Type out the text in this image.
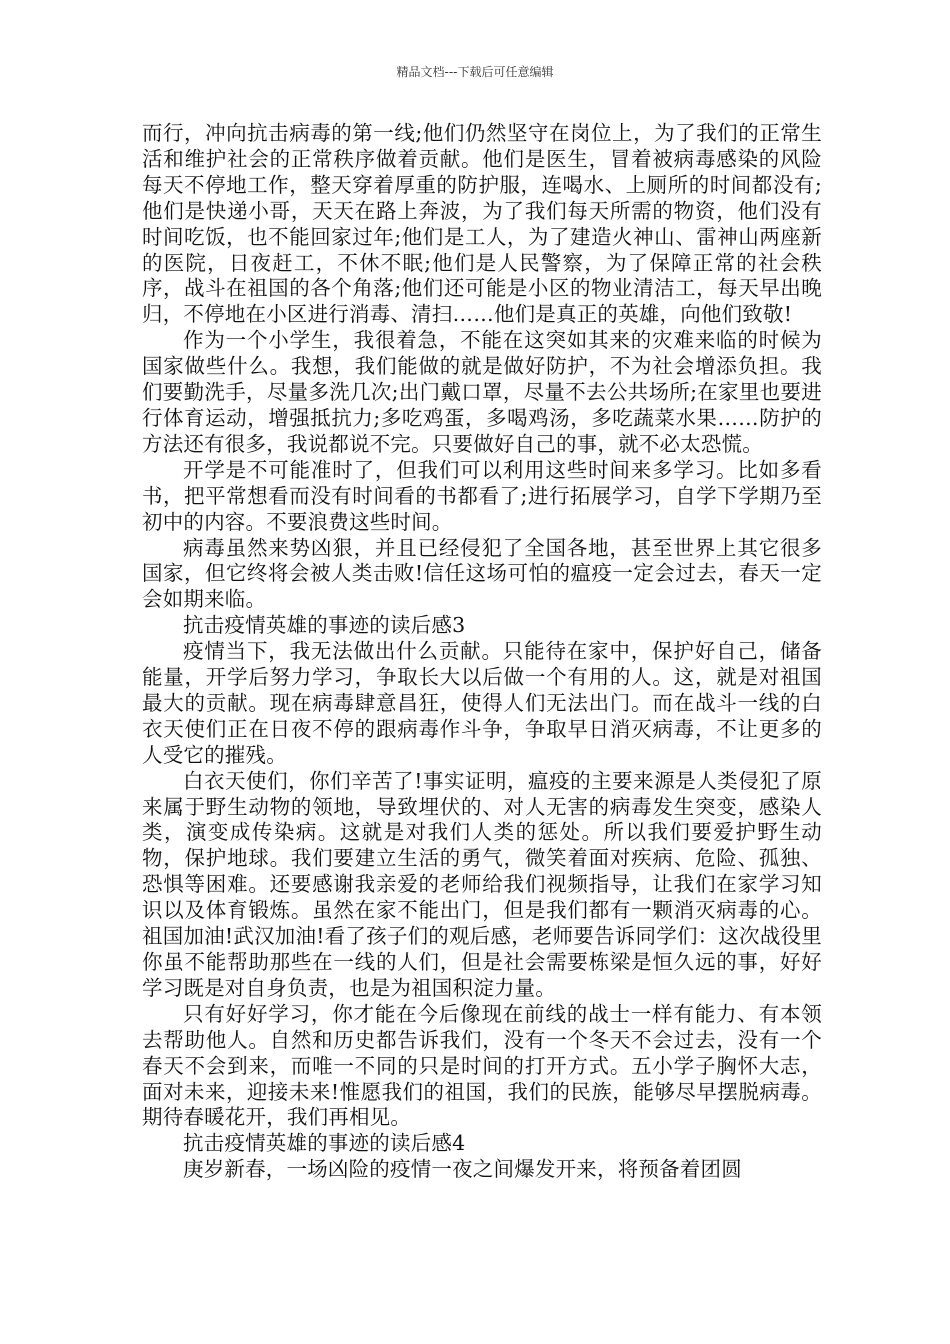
精品文档---下载后可任意编辑

而行，冲向抗击病毒的第一线;他们仍然坚守在岗位上，为了我们的正常生活和维护社会的正常秩序做着贡献。他们是医生，冒着被病毒感染的风险每天不停地工作，整天穿着厚重的防护服，连喝水、上厕所的时间都没有;他们是快递小哥，天天在路上奔波，为了我们每天所需的物资，他们没有时间吃饭，也不能回家过年;他们是工人，为了建造火神山、雷神山两座新的医院，日夜赶工，不休不眠;他们是人民警察，为了保障正常的社会秩序，战斗在祖国的各个角落;他们还可能是小区的物业清洁工，每天早出晚归，不停地在小区进行消毒、清扫……他们是真正的英雄，向他们致敬!

作为一个小学生，我很着急，不能在这突如其来的灾难来临的时候为国家做些什么。我想，我们能做的就是做好防护，不为社会增添负担。我们要勤洗手，尽量多洗几次;出门戴口罩，尽量不去公共场所;在家里也要进行体育运动，增强抵抗力;多吃鸡蛋，多喝鸡汤，多吃蔬菜水果……防护的方法还有很多，我说都说不完。只要做好自己的事，就不必太恐慌。

开学是不可能准时了，但我们可以利用这些时间来多学习。比如多看书，把平常想看而没有时间看的书都看了;进行拓展学习，自学下学期乃至初中的内容。不要浪费这些时间。

病毒虽然来势凶狠，并且已经侵犯了全国各地，甚至世界上其它很多国家，但它终将会被人类击败!信任这场可怕的瘟疫一定会过去，春天一定会如期来临。

抗击疫情英雄的事迹的读后感3

疫情当下，我无法做出什么贡献。只能待在家中，保护好自己，储备能量，开学后努力学习，争取长大以后做一个有用的人。这，就是对祖国最大的贡献。现在病毒肆意昌狂，使得人们无法出门。而在战斗一线的白衣天使们正在日夜不停的跟病毒作斗争，争取早日消灭病毒，不让更多的人受它的摧残。

白衣天使们，你们辛苦了!事实证明，瘟疫的主要来源是人类侵犯了原来属于野生动物的领地，导致埋伏的、对人无害的病毒发生突变，感染人类，演变成传染病。这就是对我们人类的惩处。所以我们要爱护野生动物，保护地球。我们要建立生活的勇气，微笑着面对疾病、危险、孤独、恐惧等困难。还要感谢我亲爱的老师给我们视频指导，让我们在家学习知识以及体育锻炼。虽然在家不能出门，但是我们都有一颗消灭病毒的心。祖国加油!武汉加油!看了孩子们的观后感，老师要告诉同学们：这次战役里你虽不能帮助那些在一线的人们，但是社会需要栋梁是恒久远的事，好好学习既是对自身负责，也是为祖国积淀力量。

只有好好学习，你才能在今后像现在前线的战士一样有能力、有本领去帮助他人。自然和历史都告诉我们，没有一个冬天不会过去，没有一个春天不会到来，而唯一不同的只是时间的打开方式。五小学子胸怀大志，面对未来，迎接未来!惟愿我们的祖国，我们的民族，能够尽早摆脱病毒。期待春暖花开，我们再相见。

抗击疫情英雄的事迹的读后感4

庚岁新春，一场凶险的疫情一夜之间爆发开来，将预备着团圆
